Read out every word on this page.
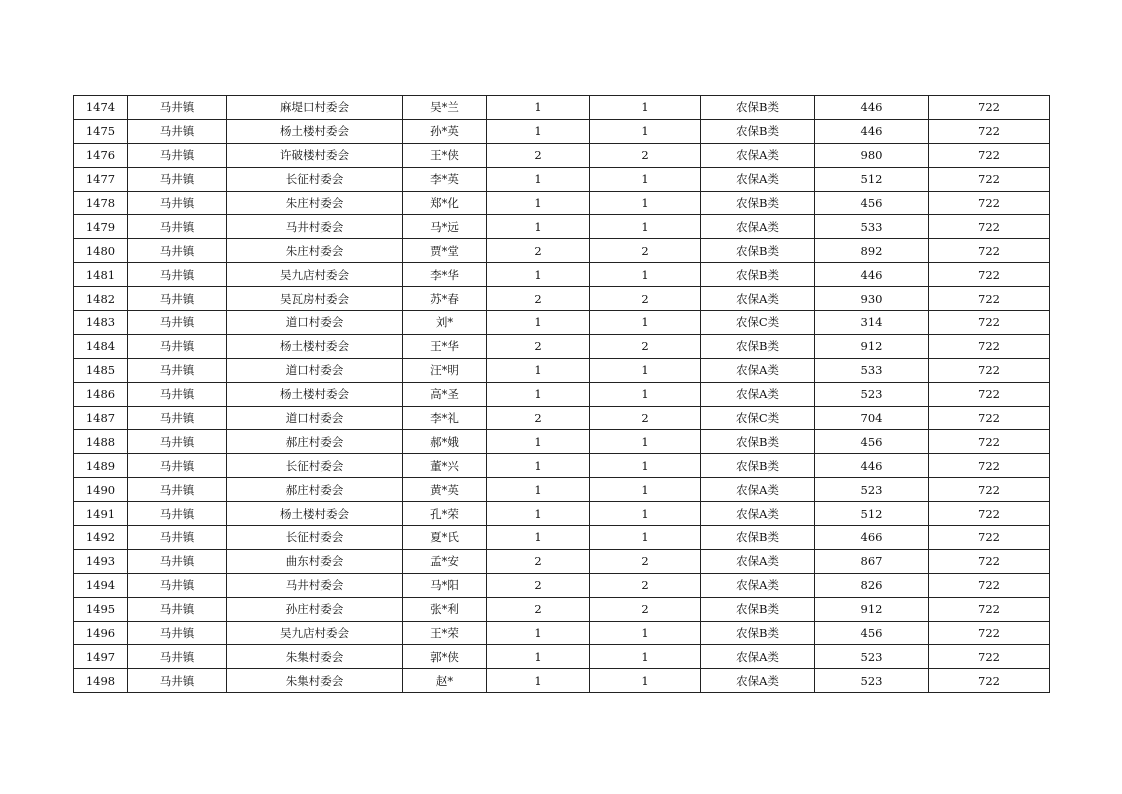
1474	马井镇	麻堤口村委会	吴*兰	1	1	农保B类	446	722
1475	马井镇	杨土楼村委会	孙*英	1	1	农保B类	446	722
1476	马井镇	许破楼村委会	王*侠	2	2	农保A类	980	722
1477	马井镇	长征村委会	李*英	1	1	农保A类	512	722
1478	马井镇	朱庄村委会	郑*化	1	1	农保B类	456	722
1479	马井镇	马井村委会	马*远	1	1	农保A类	533	722
1480	马井镇	朱庄村委会	贾*堂	2	2	农保B类	892	722
1481	马井镇	吴九店村委会	李*华	1	1	农保B类	446	722
1482	马井镇	吴瓦房村委会	苏*春	2	2	农保A类	930	722
1483	马井镇	道口村委会	刘*	1	1	农保C类	314	722
1484	马井镇	杨土楼村委会	王*华	2	2	农保B类	912	722
1485	马井镇	道口村委会	汪*明	1	1	农保A类	533	722
1486	马井镇	杨土楼村委会	高*圣	1	1	农保A类	523	722
1487	马井镇	道口村委会	李*礼	2	2	农保C类	704	722
1488	马井镇	郝庄村委会	郝*娥	1	1	农保B类	456	722
1489	马井镇	长征村委会	董*兴	1	1	农保B类	446	722
1490	马井镇	郝庄村委会	黄*英	1	1	农保A类	523	722
1491	马井镇	杨土楼村委会	孔*荣	1	1	农保A类	512	722
1492	马井镇	长征村委会	夏*氏	1	1	农保B类	466	722
1493	马井镇	曲东村委会	孟*安	2	2	农保A类	867	722
1494	马井镇	马井村委会	马*阳	2	2	农保A类	826	722
1495	马井镇	孙庄村委会	张*利	2	2	农保B类	912	722
1496	马井镇	吴九店村委会	王*荣	1	1	农保B类	456	722
1497	马井镇	朱集村委会	郭*侠	1	1	农保A类	523	722
1498	马井镇	朱集村委会	赵*	1	1	农保A类	523	722
